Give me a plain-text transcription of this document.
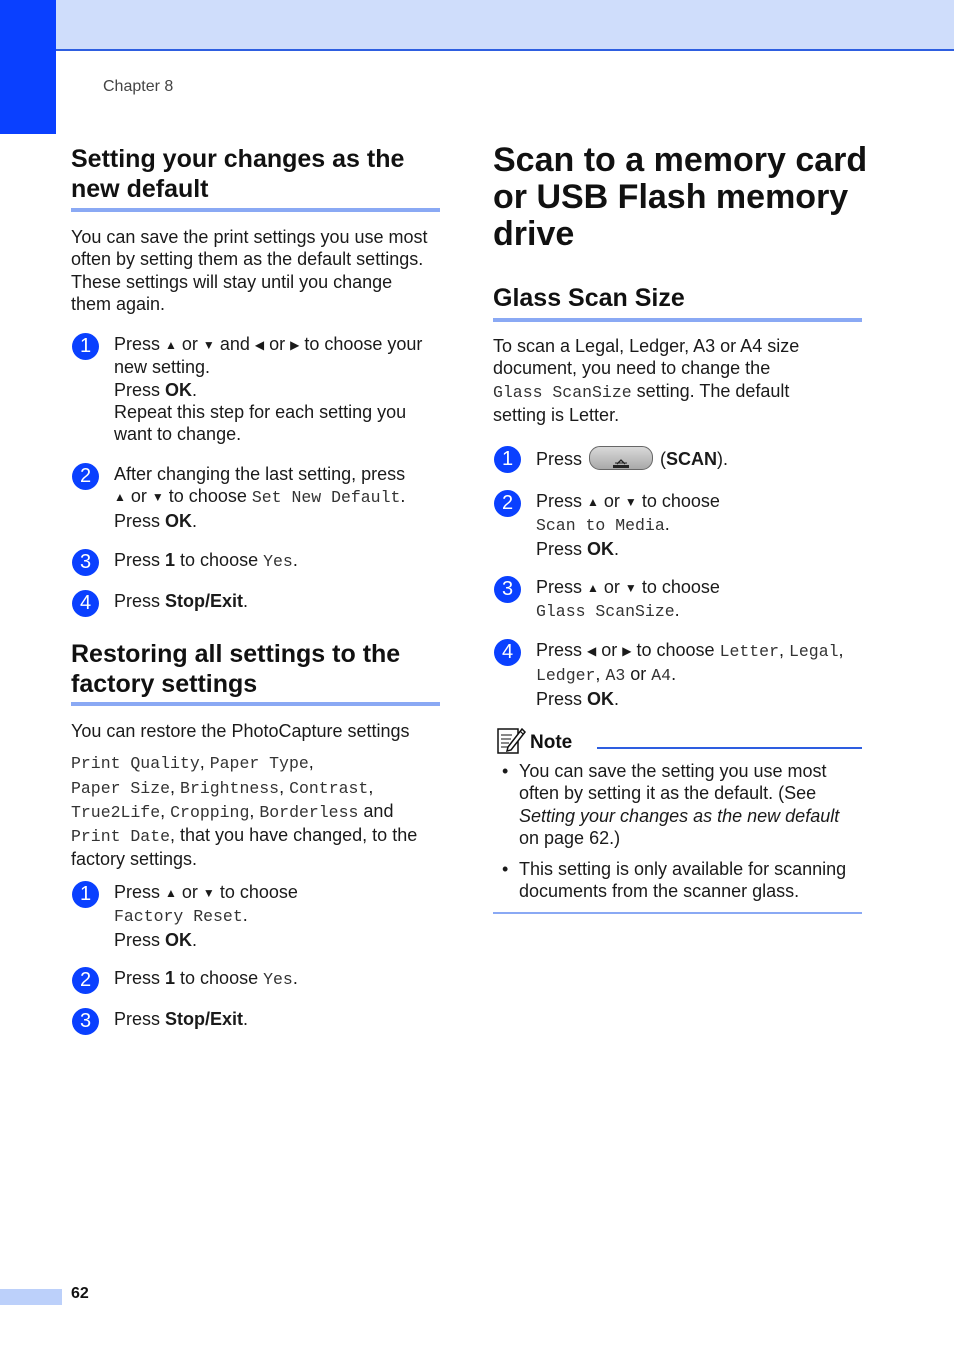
Chapter 8
Setting your changes as the
new default
You can save the print settings you use most
often by setting them as the default settings.
These settings will stay until you change
them again.
1	Press ▲ or ▼ and ◀ or ▶ to choose your
new setting.
Press OK.
Repeat this step for each setting you
want to change.
2	After changing the last setting, press
▲ or ▼ to choose Set New Default.
Press OK.
3	Press 1 to choose Yes.
4	Press Stop/Exit.
Restoring all settings to the
factory settings
You can restore the PhotoCapture settings
Print Quality, Paper Type,
Paper Size, Brightness, Contrast,
True2Life, Cropping, Borderless and
Print Date, that you have changed, to the
factory settings.
1	Press ▲ or ▼ to choose
Factory Reset.
Press OK.
2	Press 1 to choose Yes.
3	Press Stop/Exit.
Scan to a memory card
or USB Flash memory
drive
Glass Scan Size
To scan a Legal, Ledger, A3 or A4 size
document, you need to change the
Glass ScanSize setting. The default
setting is Letter.
1	Press	(SCAN).
2	Press ▲ or ▼ to choose
Scan to Media.
Press OK.
3	Press ▲ or ▼ to choose
Glass ScanSize.
4	Press ◀ or ▶ to choose Letter, Legal,
Ledger, A3 or A4.
Press OK.
Note
• You can save the setting you use most
often by setting it as the default. (See
Setting your changes as the new default
on page 62.)
• This setting is only available for scanning
documents from the scanner glass.
62
